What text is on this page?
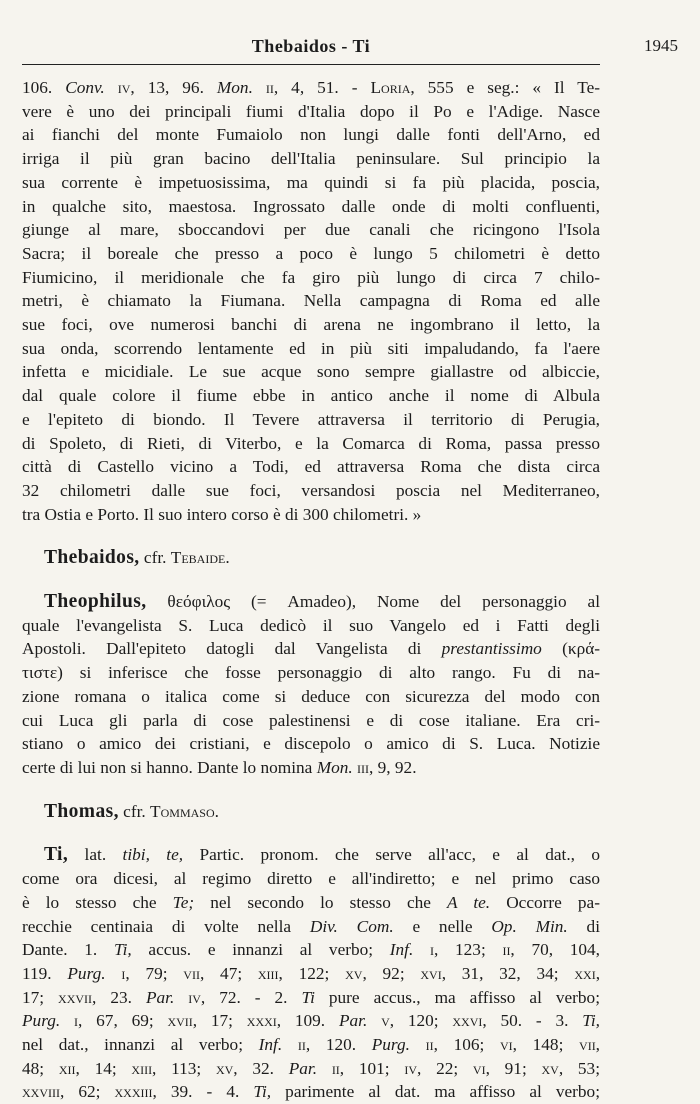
Thebaidos - Ti	1945
106. Conv. iv, 13, 96. Mon. ii, 4, 51. - Loria, 555 e seg.: « Il Te-
vere è uno dei principali fiumi d'Italia dopo il Po e l'Adige. Nasce
ai fianchi del monte Fumaiolo non lungi dalle fonti dell'Arno, ed
irriga il più gran bacino dell'Italia peninsulare. Sul principio la
sua corrente è impetuosissima, ma quindi si fa più placida, poscia,
in qualche sito, maestosa. Ingrossato dalle onde di molti confluenti,
giunge al mare, sboccandovi per due canali che ricingono l'Isola
Sacra; il boreale che presso a poco è lungo 5 chilometri è detto
Fiumicino, il meridionale che fa giro più lungo di circa 7 chilo-
metri, è chiamato la Fiumana. Nella campagna di Roma ed alle
sue foci, ove numerosi banchi di arena ne ingombrano il letto, la
sua onda, scorrendo lentamente ed in più siti impaludando, fa l'aere
infetta e micidiale. Le sue acque sono sempre giallastre od albiccie,
dal quale colore il fiume ebbe in antico anche il nome di Albula
e l'epiteto di biondo. Il Tevere attraversa il territorio di Perugia,
di Spoleto, di Rieti, di Viterbo, e la Comarca di Roma, passa presso
città di Castello vicino a Todi, ed attraversa Roma che dista circa
32 chilometri dalle sue foci, versandosi poscia nel Mediterraneo,
tra Ostia e Porto. Il suo intero corso è di 300 chilometri. »
Thebaidos, cfr. Tebaide.
Theophilus, θεόφιλος (= Amadeo), Nome del personaggio al
quale l'evangelista S. Luca dedicò il suo Vangelo ed i Fatti degli
Apostoli. Dall'epiteto datogli dal Vangelista di prestantissimo (κρά-
τιστε) si inferisce che fosse personaggio di alto rango. Fu di na-
zione romana o italica come si deduce con sicurezza del modo con
cui Luca gli parla di cose palestinensi e di cose italiane. Era cri-
stiano o amico dei cristiani, e discepolo o amico di S. Luca. Notizie
certe di lui non si hanno. Dante lo nomina Mon. iii, 9, 92.
Thomas, cfr. Tommaso.
Ti, lat. tibi, te, Partic. pronom. che serve all'acc, e al dat., o
come ora dicesi, al regimo diretto e all'indiretto; e nel primo caso
è lo stesso che Te; nel secondo lo stesso che A te. Occorre pa-
recchie centinaia di volte nella Div. Com. e nelle Op. Min. di
Dante. 1. Ti, accus. e innanzi al verbo; Inf. i, 123; ii, 70, 104,
119. Purg. i, 79; vii, 47; xiii, 122; xv, 92; xvi, 31, 32, 34; xxi,
17; xxvii, 23. Par. iv, 72. - 2. Ti pure accus., ma affisso al verbo;
Purg. i, 67, 69; xvii, 17; xxxi, 109. Par. v, 120; xxvi, 50. - 3. Ti,
nel dat., innanzi al verbo; Inf. ii, 120. Purg. ii, 106; vi, 148; vii,
48; xii, 14; xiii, 113; xv, 32. Par. ii, 101; iv, 22; vi, 91; xv, 53;
xxviii, 62; xxxiii, 39. - 4. Ti, parimente al dat. ma affisso al verbo;
